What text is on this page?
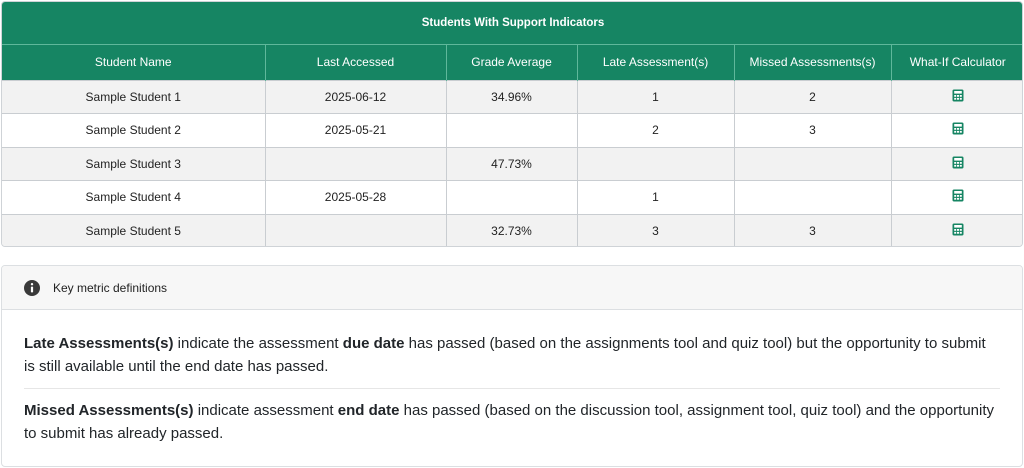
Students With Support Indicators					
Student Name	Last Accessed	Grade Average	Late Assessment(s)	Missed Assessments(s)	What-If Calculator
Sample Student 1	2025-06-12	34.96%	1	2	
Sample Student 2	2025-05-21		2	3	
Sample Student 3		47.73%			
Sample Student 4	2025-05-28		1		
Sample Student 5		32.73%	3	3	
Key metric definitions

Late Assessments(s) indicate the assessment due date has passed (based on the assignments tool and quiz tool) but the opportunity to submit is still available until the end date has passed.

Missed Assessments(s) indicate assessment end date has passed (based on the discussion tool, assignment tool, quiz tool) and the opportunity to submit has already passed.
